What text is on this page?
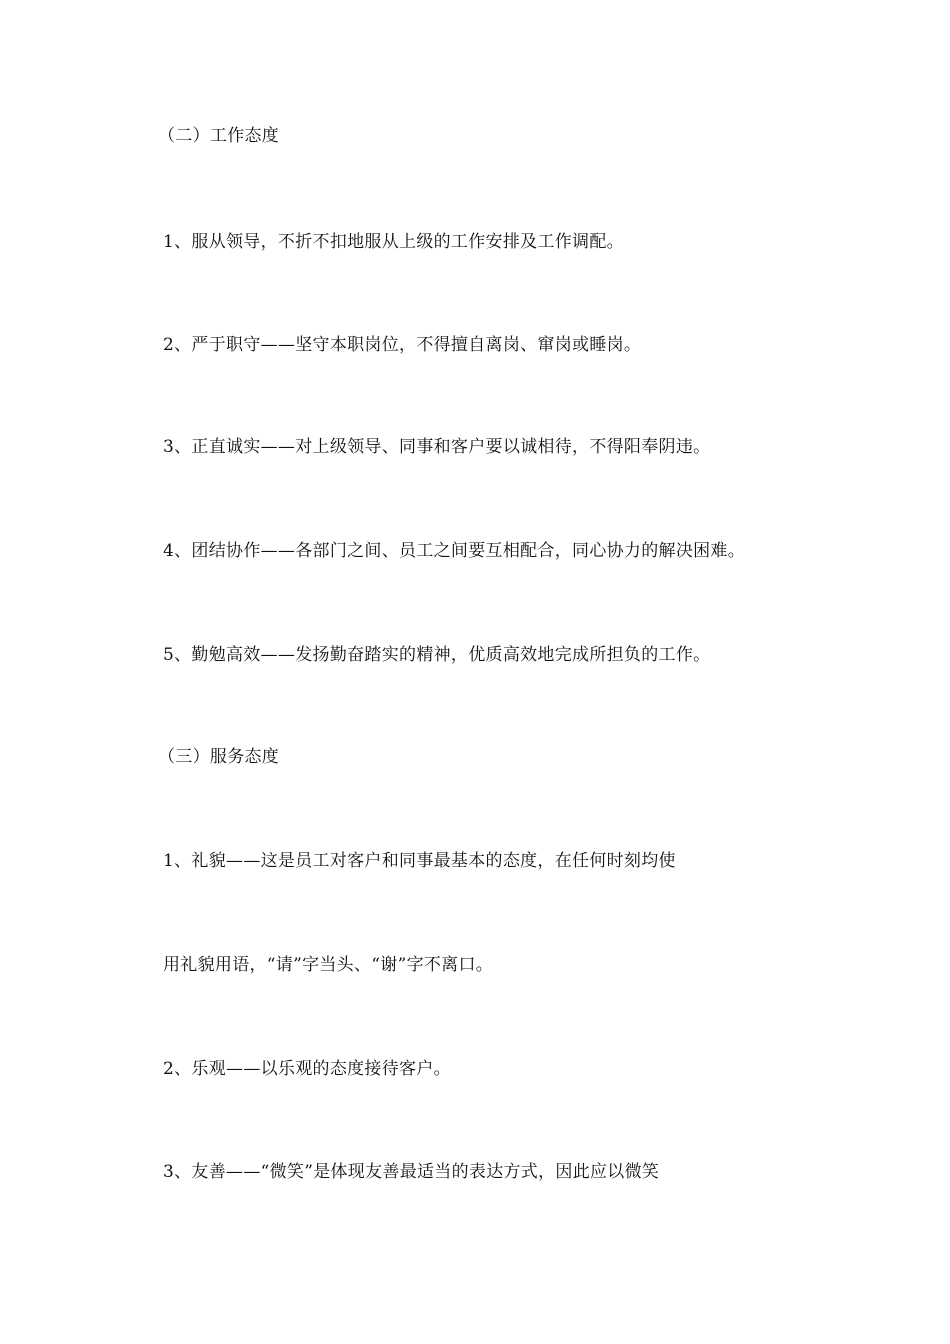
（二）工作态度
1、服从领导，不折不扣地服从上级的工作安排及工作调配。
2、严于职守——坚守本职岗位，不得擅自离岗、窜岗或睡岗。
3、正直诚实——对上级领导、同事和客户要以诚相待，不得阳奉阴违。
4、团结协作——各部门之间、员工之间要互相配合，同心协力的解决困难。
5、勤勉高效——发扬勤奋踏实的精神，优质高效地完成所担负的工作。
（三）服务态度
1、礼貌——这是员工对客户和同事最基本的态度，在任何时刻均使
用礼貌用语，“请”字当头、“谢”字不离口。
2、乐观——以乐观的态度接待客户。
3、友善——“微笑”是体现友善最适当的表达方式，因此应以微笑
